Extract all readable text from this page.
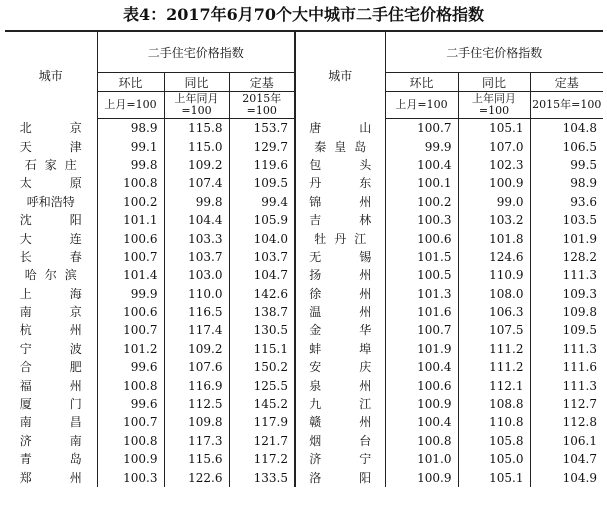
表4：2017年6月70个大中城市二手住宅价格指数
城市	二手住宅价格指数			城市	二手住宅价格指数		
	环比	同比	定基		环比	同比	定基
	上月=100	上年同月=100	2015年=100		上月=100	上年同月=100	2015年=100
北京	98.9	115.8	153.7	唐山	100.7	105.1	104.8
天津	99.1	115.0	129.7	秦皇岛	99.9	107.0	106.5
石家庄	99.8	109.2	119.6	包头	100.4	102.3	99.5
太原	100.8	107.4	109.5	丹东	100.1	100.9	98.9
呼和浩特	100.2	99.8	99.4	锦州	100.2	99.0	93.6
沈阳	101.1	104.4	105.9	吉林	100.3	103.2	103.5
大连	100.6	103.3	104.0	牡丹江	100.6	101.8	101.9
长春	100.7	103.7	103.7	无锡	101.5	124.6	128.2
哈尔滨	101.4	103.0	104.7	扬州	100.5	110.9	111.3
上海	99.9	110.0	142.6	徐州	101.3	108.0	109.3
南京	100.6	116.5	138.7	温州	101.6	106.3	109.8
杭州	100.7	117.4	130.5	金华	100.7	107.5	109.5
宁波	101.2	109.2	115.1	蚌埠	101.9	111.2	111.3
合肥	99.6	107.6	150.2	安庆	100.4	111.2	111.6
福州	100.8	116.9	125.5	泉州	100.6	112.1	111.3
厦门	99.6	112.5	145.2	九江	100.9	108.8	112.7
南昌	100.7	109.8	117.9	赣州	100.4	110.8	112.8
济南	100.8	117.3	121.7	烟台	100.8	105.8	106.1
青岛	100.9	115.6	117.2	济宁	101.0	105.0	104.7
郑州	100.3	122.6	133.5	洛阳	100.9	105.1	104.9
